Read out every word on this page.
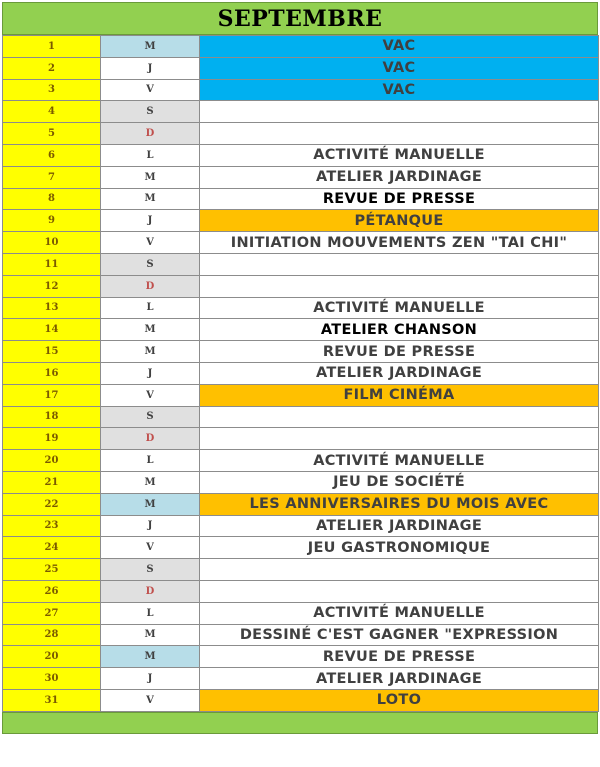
SEPTEMBRE
1	M	VAC
2	J	VAC
3	V	VAC
4	S	
5	D	
6	L	ACTIVITÉ MANUELLE
7	M	ATELIER JARDINAGE
8	M	REVUE DE PRESSE
9	J	PÉTANQUE
10	V	INITIATION MOUVEMENTS ZEN "TAI CHI"
11	S	
12	D	
13	L	ACTIVITÉ MANUELLE
14	M	ATELIER CHANSON
15	M	REVUE DE PRESSE
16	J	ATELIER JARDINAGE
17	V	FILM CINÉMA
18	S	
19	D	
20	L	ACTIVITÉ MANUELLE
21	M	JEU DE SOCIÉTÉ
22	M	LES ANNIVERSAIRES DU MOIS AVEC
23	J	ATELIER JARDINAGE
24	V	JEU GASTRONOMIQUE
25	S	
26	D	
27	L	ACTIVITÉ MANUELLE
28	M	DESSINÉ C'EST GAGNER "EXPRESSION
20	M	REVUE DE PRESSE
30	J	ATELIER JARDINAGE
31	V	LOTO
